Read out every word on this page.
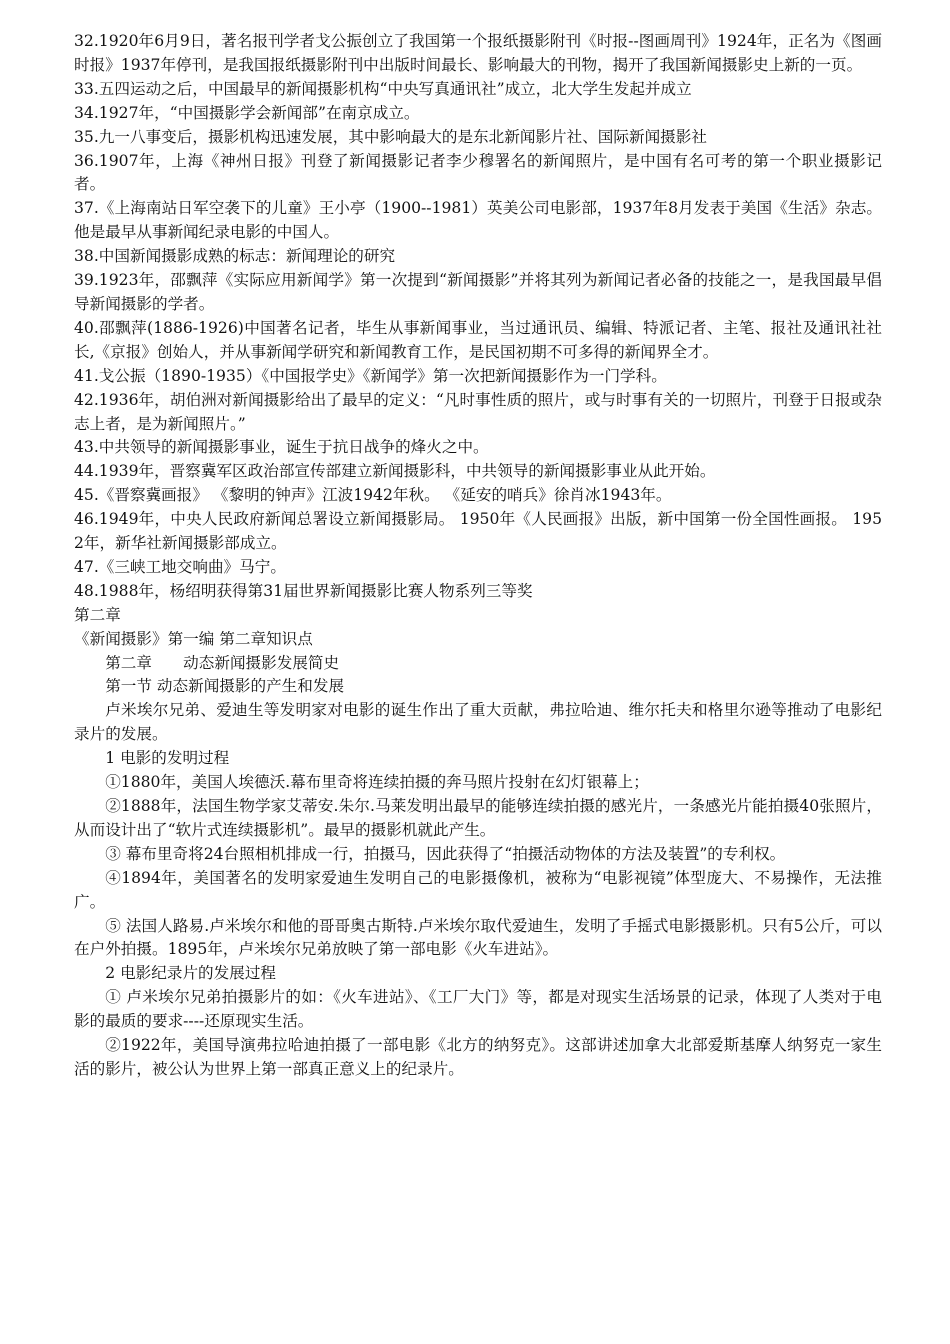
32.1920年6月9日，著名报刊学者戈公振创立了我国第一个报纸摄影附刊《时报--图画周刊》1924年，正名为《图画时报》1937年停刊，是我国报纸摄影附刊中出版时间最长、影响最大的刊物，揭开了我国新闻摄影史上新的一页。

33.五四运动之后，中国最早的新闻摄影机构“中央写真通讯社”成立，北大学生发起并成立

34.1927年，“中国摄影学会新闻部”在南京成立。

35.九一八事变后，摄影机构迅速发展，其中影响最大的是东北新闻影片社、国际新闻摄影社

36.1907年，上海《神州日报》刊登了新闻摄影记者李少穆署名的新闻照片，是中国有名可考的第一个职业摄影记者。

37.《上海南站日军空袭下的儿童》王小亭（1900--1981）英美公司电影部，1937年8月发表于美国《生活》杂志。他是最早从事新闻纪录电影的中国人。

38.中国新闻摄影成熟的标志：新闻理论的研究

39.1923年，邵飘萍《实际应用新闻学》第一次提到“新闻摄影”并将其列为新闻记者必备的技能之一，是我国最早倡导新闻摄影的学者。

40.邵飘萍(1886-1926)中国著名记者，毕生从事新闻事业，当过通讯员、编辑、特派记者、主笔、报社及通讯社社长,《京报》创始人，并从事新闻学研究和新闻教育工作，是民国初期不可多得的新闻界全才。

41.戈公振（1890-1935）《中国报学史》《新闻学》第一次把新闻摄影作为一门学科。

42.1936年，胡伯洲对新闻摄影给出了最早的定义：“凡时事性质的照片，或与时事有关的一切照片，刊登于日报或杂志上者，是为新闻照片。”

43.中共领导的新闻摄影事业，诞生于抗日战争的烽火之中。

44.1939年，晋察冀军区政治部宣传部建立新闻摄影科，中共领导的新闻摄影事业从此开始。

45.《晋察冀画报》 《黎明的钟声》江波1942年秋。 《延安的哨兵》徐肖冰1943年。

46.1949年，中央人民政府新闻总署设立新闻摄影局。 1950年《人民画报》出版，新中国第一份全国性画报。 1952年，新华社新闻摄影部成立。

47.《三峡工地交响曲》马宁。

48.1988年，杨绍明获得第31届世界新闻摄影比赛人物系列三等奖

第二章

《新闻摄影》第一编 第二章知识点

第二章　　动态新闻摄影发展简史

第一节 动态新闻摄影的产生和发展

卢米埃尔兄弟、爱迪生等发明家对电影的诞生作出了重大贡献，弗拉哈迪、维尔托夫和格里尔逊等推动了电影纪录片的发展。

1 电影的发明过程

①1880年，美国人埃德沃.幕布里奇将连续拍摄的奔马照片投射在幻灯银幕上；

②1888年，法国生物学家艾蒂安.朱尔.马莱发明出最早的能够连续拍摄的感光片，一条感光片能拍摄40张照片，从而设计出了“软片式连续摄影机”。最早的摄影机就此产生。

③ 幕布里奇将24台照相机排成一行，拍摄马，因此获得了“拍摄活动物体的方法及装置”的专利权。

④1894年，美国著名的发明家爱迪生发明自己的电影摄像机，被称为“电影视镜”体型庞大、不易操作，无法推广。

⑤ 法国人路易.卢米埃尔和他的哥哥奥古斯特.卢米埃尔取代爱迪生，发明了手摇式电影摄影机。只有5公斤，可以在户外拍摄。1895年，卢米埃尔兄弟放映了第一部电影《火车进站》。

2 电影纪录片的发展过程

① 卢米埃尔兄弟拍摄影片的如：《火车进站》、《工厂大门》等，都是对现实生活场景的记录，体现了人类对于电影的最质的要求----还原现实生活。

②1922年，美国导演弗拉哈迪拍摄了一部电影《北方的纳努克》。这部讲述加拿大北部爱斯基摩人纳努克一家生活的影片，被公认为世界上第一部真正意义上的纪录片。
